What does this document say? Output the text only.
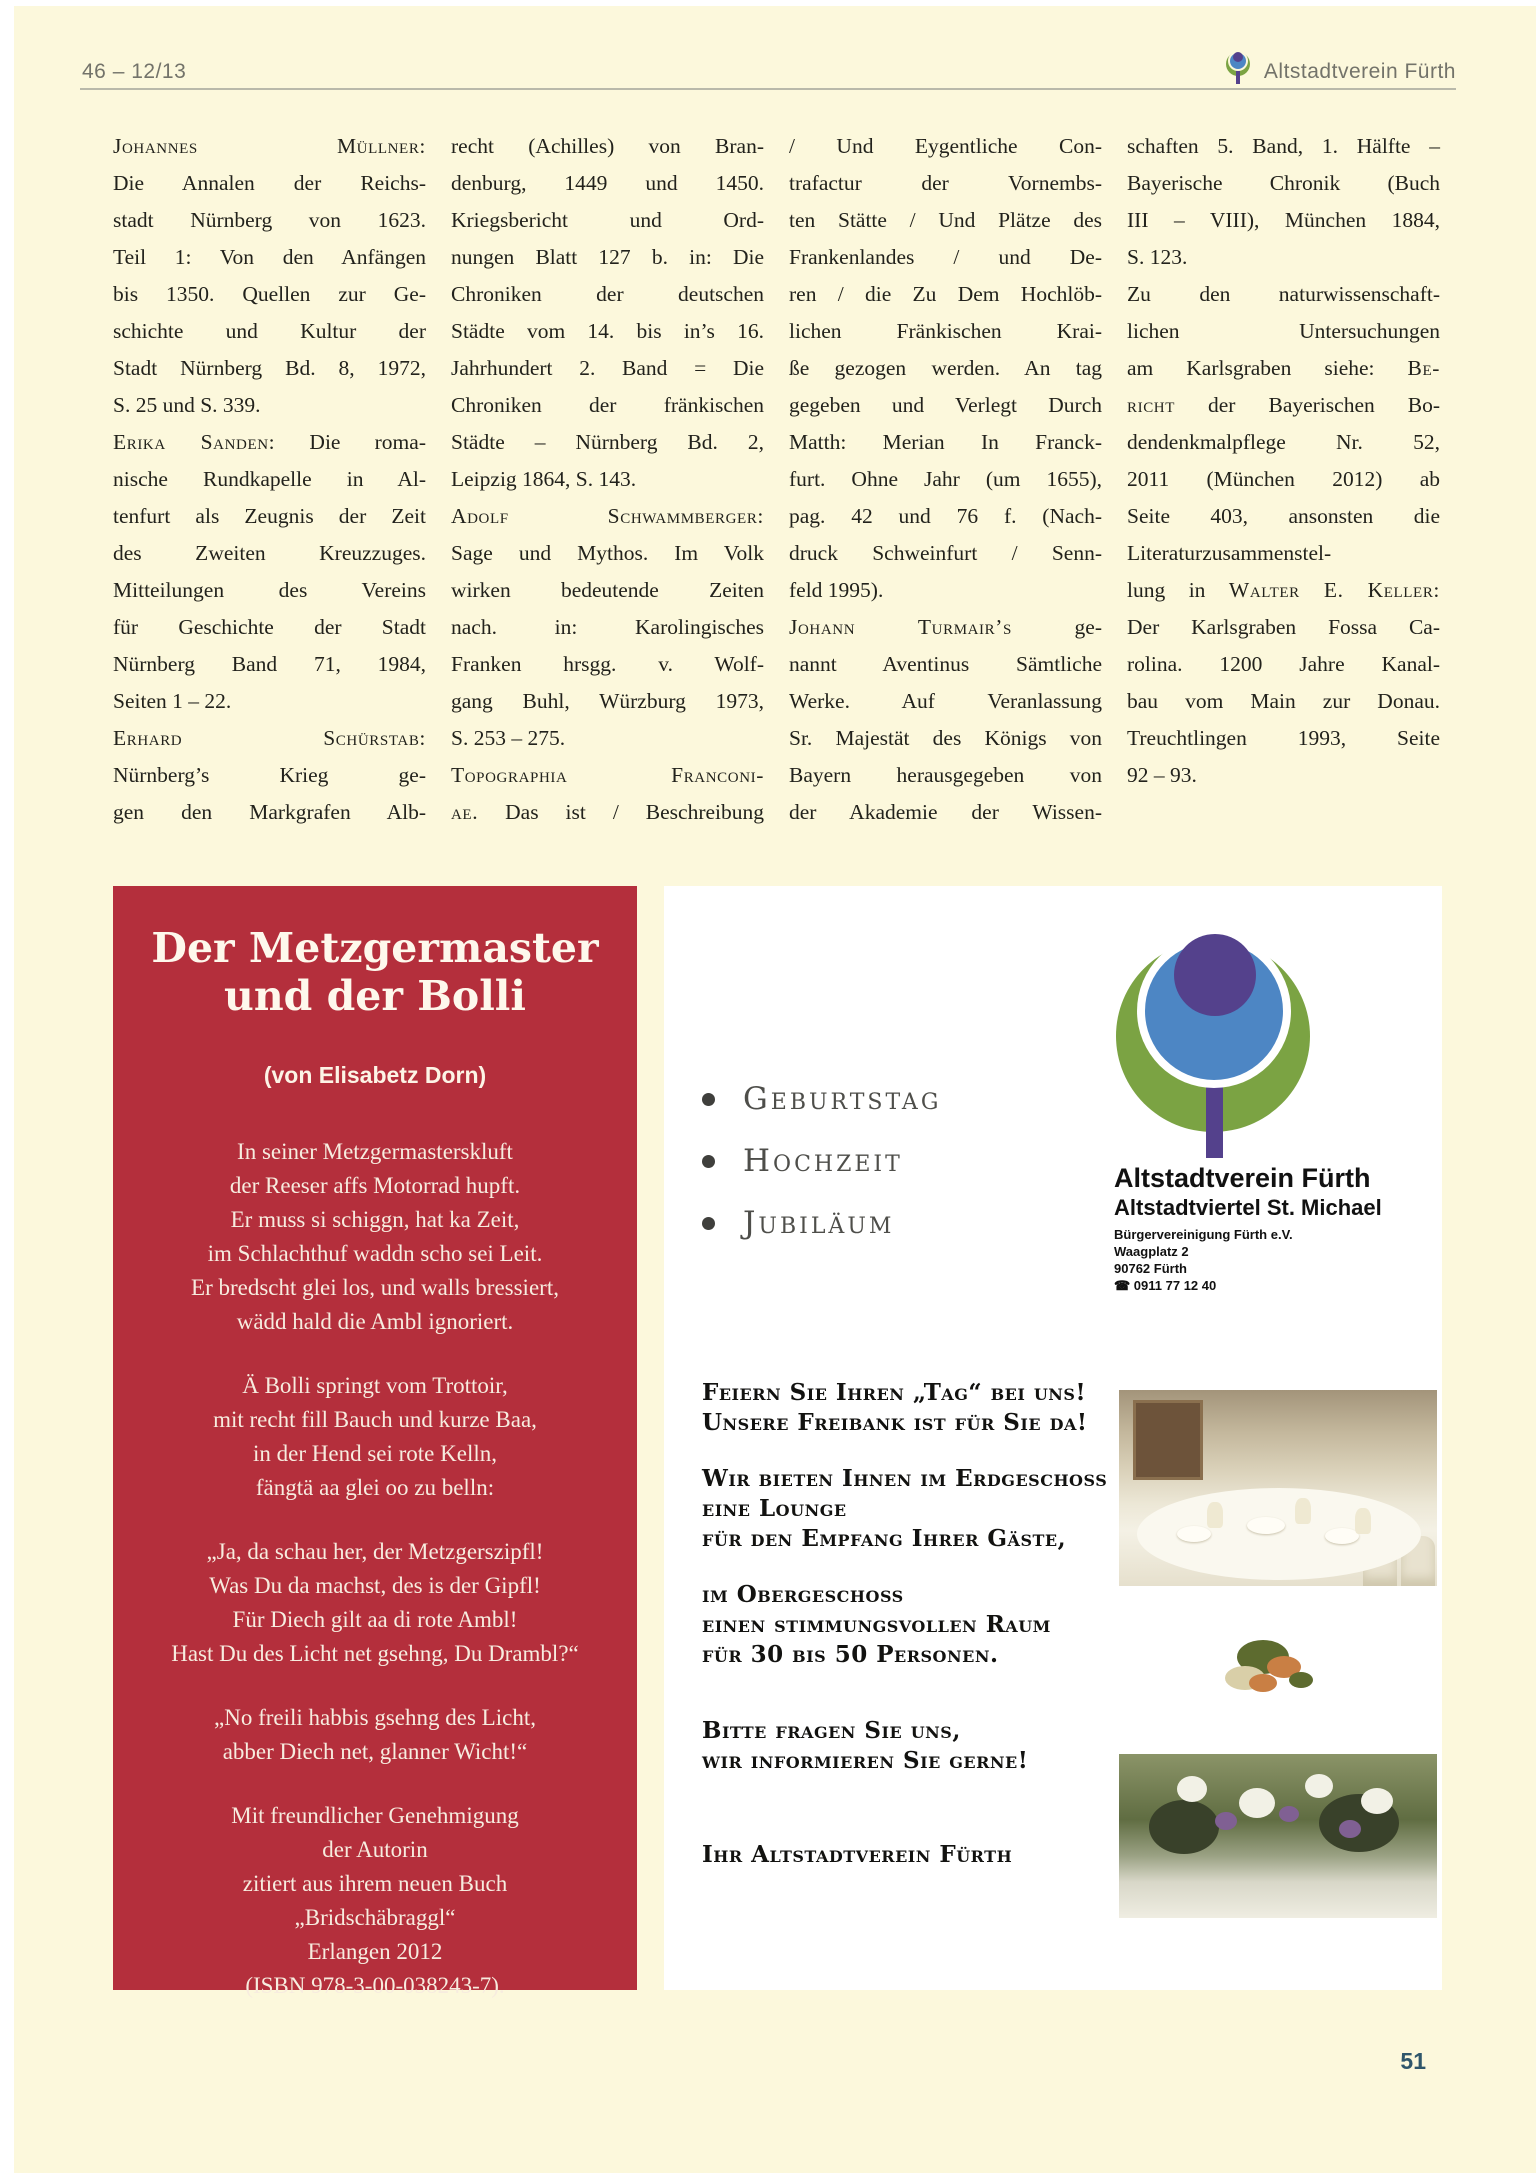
46 – 12/13	Altstadtverein Fürth
Johannes Müllner:
Die Annalen der Reichs-
stadt Nürnberg von 1623.
Teil 1: Von den Anfängen
bis 1350. Quellen zur Ge-
schichte und Kultur der
Stadt Nürnberg Bd. 8, 1972,
S. 25 und S. 339.
Erika Sanden: Die roma-
nische Rundkapelle in Al-
tenfurt als Zeugnis der Zeit
des Zweiten Kreuzzuges.
Mitteilungen des Vereins
für Geschichte der Stadt
Nürnberg Band 71, 1984,
Seiten 1 – 22.
Erhard Schürstab:
Nürnberg’s Krieg ge-
gen den Markgrafen Alb-
recht (Achilles) von Bran-
denburg, 1449 und 1450.
Kriegsbericht und Ord-
nungen Blatt 127 b. in: Die
Chroniken der deutschen
Städte vom 14. bis in’s 16.
Jahrhundert 2. Band = Die
Chroniken der fränkischen
Städte – Nürnberg Bd. 2,
Leipzig 1864, S. 143.
Adolf Schwammberger:
Sage und Mythos. Im Volk
wirken bedeutende Zeiten
nach. in: Karolingisches
Franken hrsgg. v. Wolf-
gang Buhl, Würzburg 1973,
S. 253 – 275.
Topographia Franconi-
ae. Das ist / Beschreibung
/ Und Eygentliche Con-
trafactur der Vornembs-
ten Stätte / Und Plätze des
Frankenlandes / und De-
ren / die Zu Dem Hochlöb-
lichen Fränkischen Krai-
ße gezogen werden. An tag
gegeben und Verlegt Durch
Matth: Merian In Franck-
furt. Ohne Jahr (um 1655),
pag. 42 und 76 f. (Nach-
druck Schweinfurt / Senn-
feld 1995).
Johann Turmair’s ge-
nannt Aventinus Sämtliche
Werke. Auf Veranlassung
Sr. Majestät des Königs von
Bayern herausgegeben von
der Akademie der Wissen-
schaften 5. Band, 1. Hälfte –
Bayerische Chronik (Buch
III – VIII), München 1884,
S. 123.
Zu den naturwissenschaft-
lichen Untersuchungen
am Karlsgraben siehe: Be-
richt der Bayerischen Bo-
dendenkmalpflege Nr. 52,
2011 (München 2012) ab
Seite 403, ansonsten die
Literaturzusammenstel-
lung in Walter E. Keller:
Der Karlsgraben Fossa Ca-
rolina. 1200 Jahre Kanal-
bau vom Main zur Donau.
Treuchtlingen 1993, Seite
92 – 93.
Der Metzgermaster
und der Bolli
(von Elisabetz Dorn)
In seiner Metzgermasterskluft
der Reeser affs Motorrad hupft.
Er muss si schiggn, hat ka Zeit,
im Schlachthuf waddn scho sei Leit.
Er bredscht glei los, und walls bressiert,
wädd hald die Ambl ignoriert.
Ä Bolli springt vom Trottoir,
mit recht fill Bauch und kurze Baa,
in der Hend sei rote Kelln,
fängtä aa glei oo zu belln:
„Ja, da schau her, der Metzgerszipfl!
Was Du da machst, des is der Gipfl!
Für Diech gilt aa di rote Ambl!
Hast Du des Licht net gsehng, Du Drambl?“
„No freili habbis gsehng des Licht,
abber Diech net, glanner Wicht!“
Mit freundlicher Genehmigung
der Autorin
zitiert aus ihrem neuen Buch
„Bridschäbraggl“
Erlangen 2012
(ISBN 978-3-00-038243-7).
Geburtstag
Hochzeit
Jubiläum
Altstadtverein Fürth
Altstadtviertel St. Michael
Bürgervereinigung Fürth e.V.
Waagplatz 2
90762 Fürth
☎ 0911 77 12 40
Feiern Sie Ihren „Tag“ bei uns!
Unsere Freibank ist für Sie da!
Wir bieten Ihnen im Erdgeschoss
eine Lounge
für den Empfang Ihrer Gäste,
im Obergeschoss
einen stimmungsvollen Raum
für 30 bis 50 Personen.
Bitte fragen Sie uns,
wir informieren Sie gerne!
Ihr Altstadtverein Fürth
51
